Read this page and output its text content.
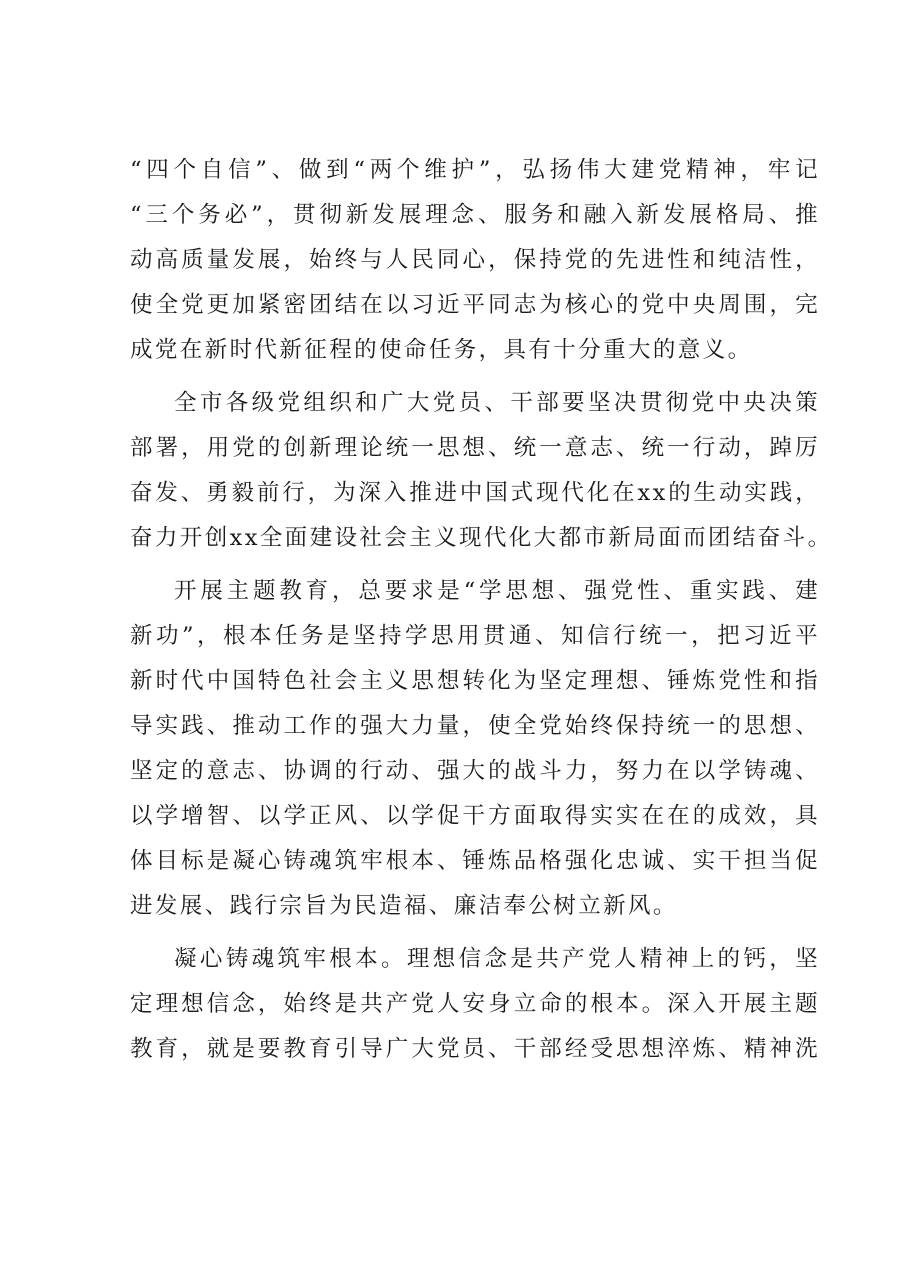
“四个自信”、做到“两个维护”，弘扬伟大建党精神，牢记
“三个务必”，贯彻新发展理念、服务和融入新发展格局、推
动高质量发展，始终与人民同心，保持党的先进性和纯洁性，
使全党更加紧密团结在以习近平同志为核心的党中央周围，完
成党在新时代新征程的使命任务，具有十分重大的意义。
全市各级党组织和广大党员、干部要坚决贯彻党中央决策
部署，用党的创新理论统一思想、统一意志、统一行动，踔厉
奋发、勇毅前行，为深入推进中国式现代化在xx的生动实践，
奋力开创xx全面建设社会主义现代化大都市新局面而团结奋斗。
开展主题教育，总要求是“学思想、强党性、重实践、建
新功”，根本任务是坚持学思用贯通、知信行统一，把习近平
新时代中国特色社会主义思想转化为坚定理想、锤炼党性和指
导实践、推动工作的强大力量，使全党始终保持统一的思想、
坚定的意志、协调的行动、强大的战斗力，努力在以学铸魂、
以学增智、以学正风、以学促干方面取得实实在在的成效，具
体目标是凝心铸魂筑牢根本、锤炼品格强化忠诚、实干担当促
进发展、践行宗旨为民造福、廉洁奉公树立新风。
凝心铸魂筑牢根本。理想信念是共产党人精神上的钙，坚
定理想信念，始终是共产党人安身立命的根本。深入开展主题
教育，就是要教育引导广大党员、干部经受思想淬炼、精神洗
